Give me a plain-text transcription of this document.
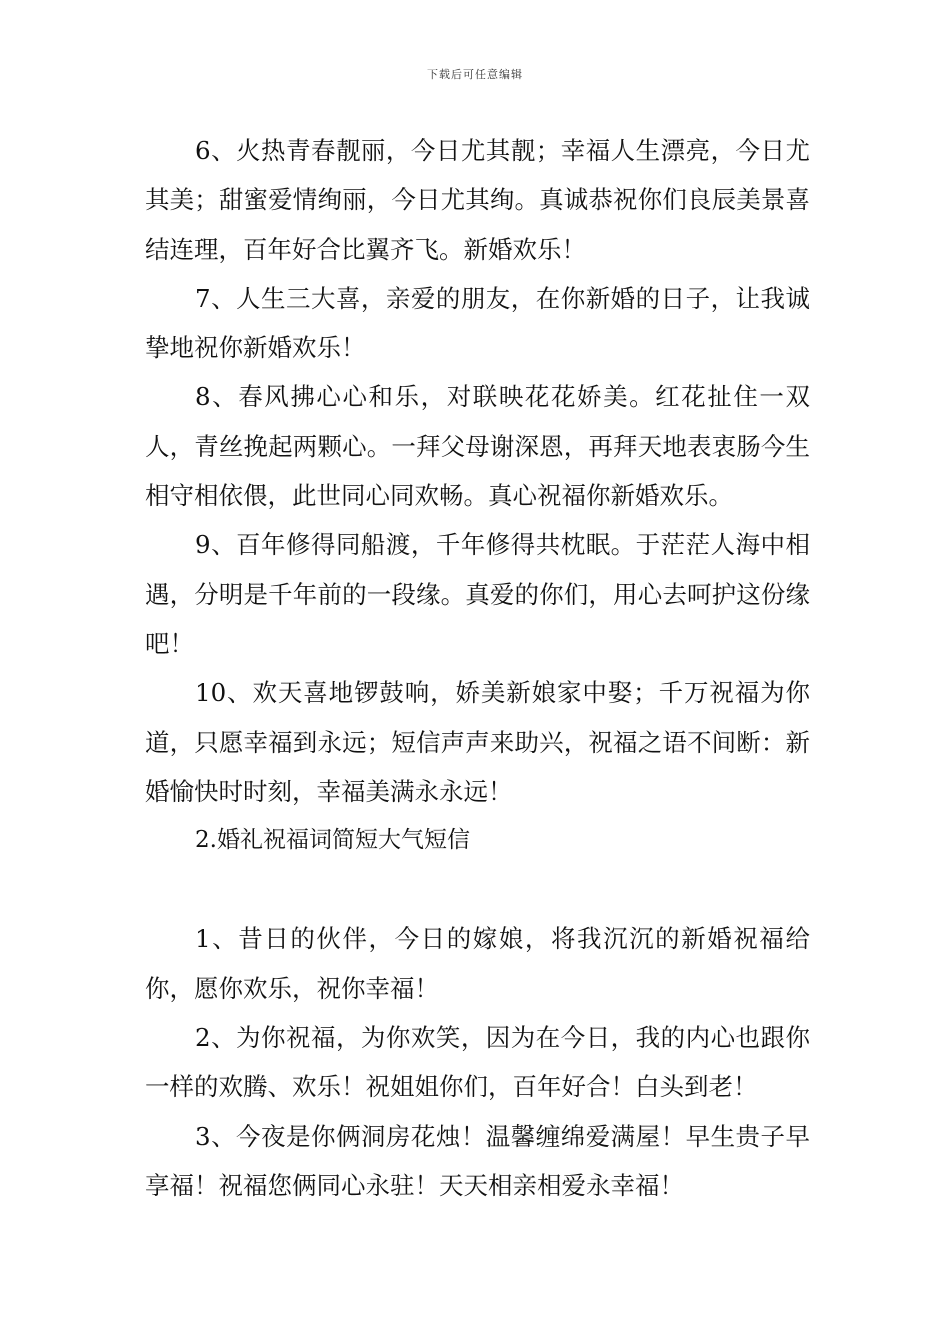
下载后可任意编辑

6、火热青春靓丽，今日尤其靓；幸福人生漂亮，今日尤其美；甜蜜爱情绚丽，今日尤其绚。真诚恭祝你们良辰美景喜结连理，百年好合比翼齐飞。新婚欢乐！

7、人生三大喜，亲爱的朋友，在你新婚的日子，让我诚挚地祝你新婚欢乐！

8、春风拂心心和乐，对联映花花娇美。红花扯住一双人，青丝挽起两颗心。一拜父母谢深恩，再拜天地表衷肠今生相守相依偎，此世同心同欢畅。真心祝福你新婚欢乐。

9、百年修得同船渡，千年修得共枕眠。于茫茫人海中相遇，分明是千年前的一段缘。真爱的你们，用心去呵护这份缘吧！

10、欢天喜地锣鼓响，娇美新娘家中娶；千万祝福为你道，只愿幸福到永远；短信声声来助兴，祝福之语不间断：新婚愉快时时刻，幸福美满永永远！

2.婚礼祝福词简短大气短信

1、昔日的伙伴，今日的嫁娘，将我沉沉的新婚祝福给你，愿你欢乐，祝你幸福！

2、为你祝福，为你欢笑，因为在今日，我的内心也跟你一样的欢腾、欢乐！祝姐姐你们，百年好合！白头到老！

3、今夜是你俩洞房花烛！温馨缠绵爱满屋！早生贵子早享福！祝福您俩同心永驻！天天相亲相爱永幸福！
